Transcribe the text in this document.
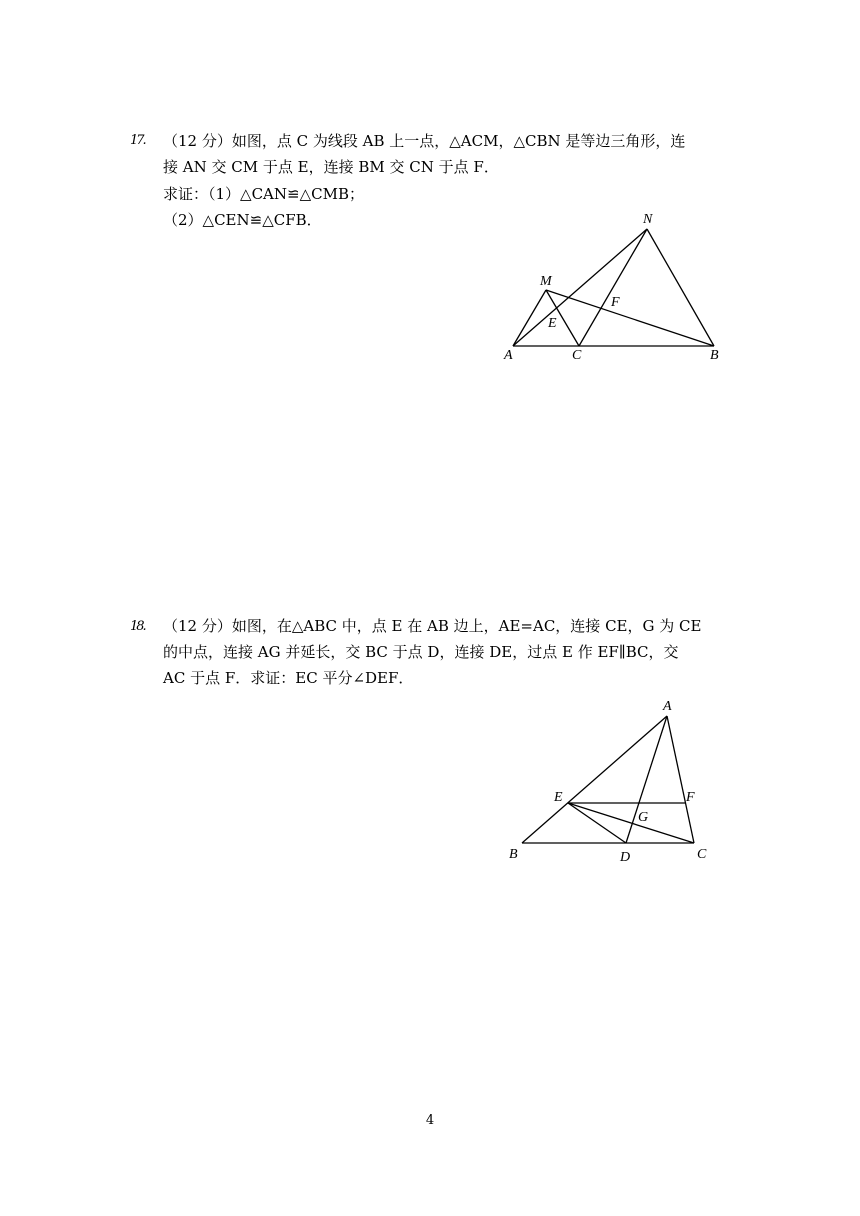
17. （12 分）如图，点 C 为线段 AB 上一点，△ACM，△CBN 是等边三角形，连
接 AN 交 CM 于点 E，连接 BM 交 CN 于点 F．
求证：（1）△CAN≌△CMB；
（2）△CEN≌△CFB．	N
M
F
E
A	C	B
18. （12 分）如图，在△ABC 中，点 E 在 AB 边上，AE=AC，连接 CE，G 为 CE
的中点，连接 AG 并延长，交 BC 于点 D，连接 DE，过点 E 作 EF∥BC，交
AC 于点 F．求证：EC 平分∠DEF．
A
E	F
G
B	D	C
4
